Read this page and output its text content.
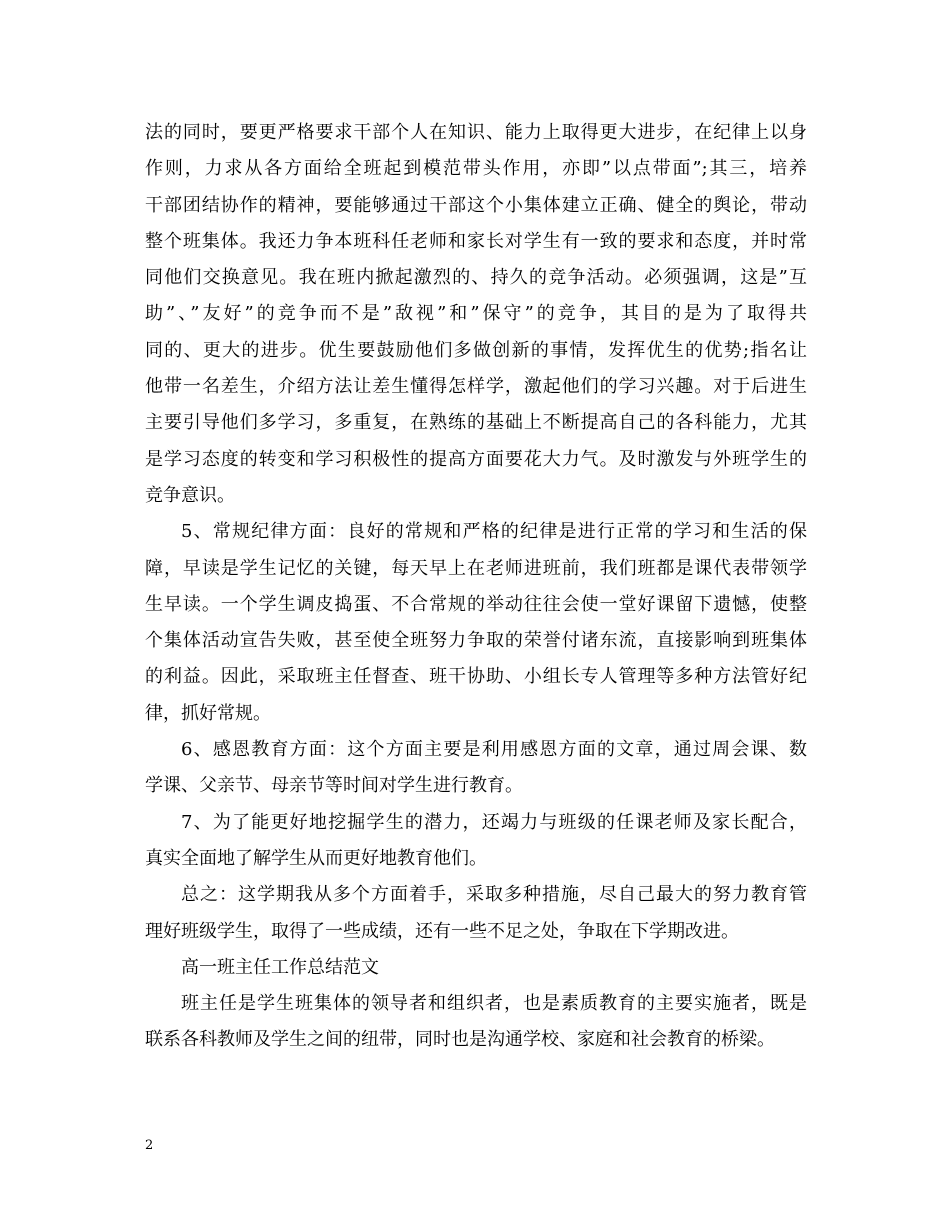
法的同时，要更严格要求干部个人在知识、能力上取得更大进步，在纪律上以身
作则，力求从各方面给全班起到模范带头作用，亦即”以点带面”;其三，培养
干部团结协作的精神，要能够通过干部这个小集体建立正确、健全的舆论，带动
整个班集体。我还力争本班科任老师和家长对学生有一致的要求和态度，并时常
同他们交换意见。我在班内掀起激烈的、持久的竞争活动。必须强调，这是”互
助”、”友好”的竞争而不是”敌视”和”保守”的竞争，其目的是为了取得共
同的、更大的进步。优生要鼓励他们多做创新的事情，发挥优生的优势;指名让
他带一名差生，介绍方法让差生懂得怎样学，激起他们的学习兴趣。对于后进生
主要引导他们多学习，多重复，在熟练的基础上不断提高自己的各科能力，尤其
是学习态度的转变和学习积极性的提高方面要花大力气。及时激发与外班学生的
竞争意识。
5、常规纪律方面：良好的常规和严格的纪律是进行正常的学习和生活的保
障，早读是学生记忆的关键，每天早上在老师进班前，我们班都是课代表带领学
生早读。一个学生调皮捣蛋、不合常规的举动往往会使一堂好课留下遗憾，使整
个集体活动宣告失败，甚至使全班努力争取的荣誉付诸东流，直接影响到班集体
的利益。因此，采取班主任督查、班干协助、小组长专人管理等多种方法管好纪
律，抓好常规。
6、感恩教育方面：这个方面主要是利用感恩方面的文章，通过周会课、数
学课、父亲节、母亲节等时间对学生进行教育。
7、为了能更好地挖掘学生的潜力，还竭力与班级的任课老师及家长配合，
真实全面地了解学生从而更好地教育他们。
总之：这学期我从多个方面着手，采取多种措施，尽自己最大的努力教育管
理好班级学生，取得了一些成绩，还有一些不足之处，争取在下学期改进。
高一班主任工作总结范文
班主任是学生班集体的领导者和组织者，也是素质教育的主要实施者，既是
联系各科教师及学生之间的纽带，同时也是沟通学校、家庭和社会教育的桥梁。
2
